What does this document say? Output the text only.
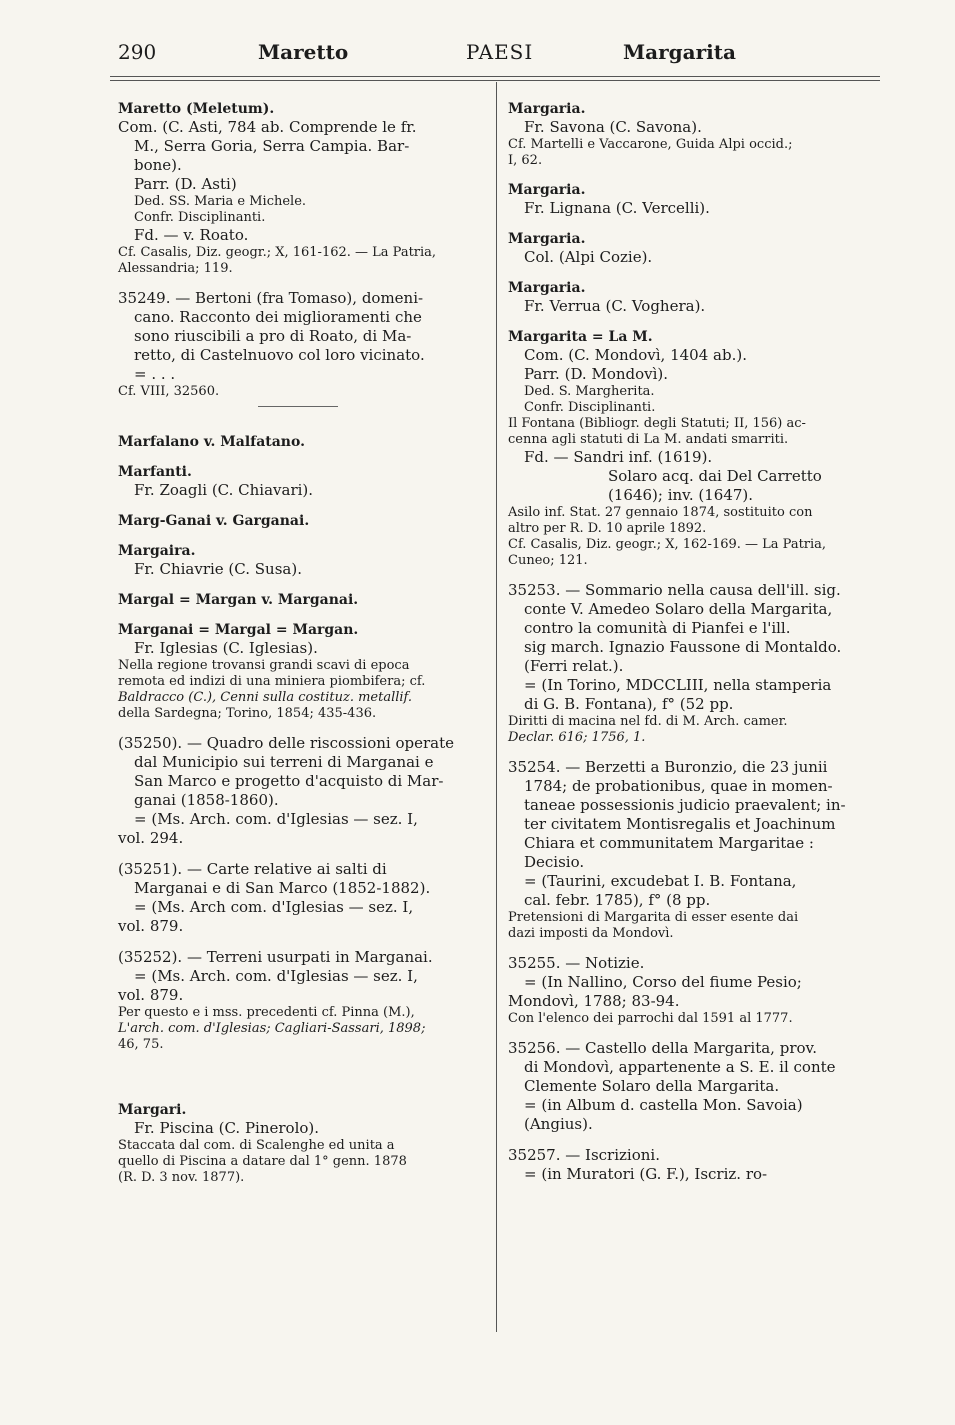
290	Maretto	PAESI	Margarita
Maretto (Meletum).
Com. (C. Asti, 784 ab. Comprende le fr.
M., Serra Goria, Serra Campia. Bar-
bone).
Parr. (D. Asti)
Ded. SS. Maria e Michele.
Confr. Disciplinanti.
Fd. — v. Roato.
Cf. Casalis, Diz. geogr.; X, 161-162. — La Patria,
Alessandria; 119.
35249. — Bertoni (fra Tomaso), domeni-
cano. Racconto dei miglioramenti che
sono riuscibili a pro di Roato, di Ma-
retto, di Castelnuovo col loro vicinato.
= . . .
Cf. VIII, 32560.
Marfalano v. Malfatano.
Marfanti.
Fr. Zoagli (C. Chiavari).
Marg-Ganai v. Garganai.
Margaira.
Fr. Chiavrie (C. Susa).
Margal = Margan v. Marganai.
Marganai = Margal = Margan.
Fr. Iglesias (C. Iglesias).
Nella regione trovansi grandi scavi di epoca
remota ed indizi di una miniera piombifera; cf.
Baldracco (C.), Cenni sulla costituz. metallif.
della Sardegna; Torino, 1854; 435-436.
(35250). — Quadro delle riscossioni operate
dal Municipio sui terreni di Marganai e
San Marco e progetto d'acquisto di Mar-
ganai (1858-1860).
= (Ms. Arch. com. d'Iglesias — sez. I,
vol. 294.
(35251). — Carte relative ai salti di
Marganai e di San Marco (1852-1882).
= (Ms. Arch com. d'Iglesias — sez. I,
vol. 879.
(35252). — Terreni usurpati in Marganai.
= (Ms. Arch. com. d'Iglesias — sez. I,
vol. 879.
Per questo e i mss. precedenti cf. Pinna (M.),
L'arch. com. d'Iglesias; Cagliari-Sassari, 1898;
46, 75.
Margari.
Fr. Piscina (C. Pinerolo).
Staccata dal com. di Scalenghe ed unita a
quello di Piscina a datare dal 1° genn. 1878
(R. D. 3 nov. 1877).
Margaria.
Fr. Savona (C. Savona).
Cf. Martelli e Vaccarone, Guida Alpi occid.;
I, 62.
Margaria.
Fr. Lignana (C. Vercelli).
Margaria.
Col. (Alpi Cozie).
Margaria.
Fr. Verrua (C. Voghera).
Margarita = La M.
Com. (C. Mondovì, 1404 ab.).
Parr. (D. Mondovì).
Ded. S. Margherita.
Confr. Disciplinanti.
Il Fontana (Bibliogr. degli Statuti; II, 156) ac-
cenna agli statuti di La M. andati smarriti.
Fd. — Sandri inf. (1619).
Solaro acq. dai Del Carretto
(1646); inv. (1647).
Asilo inf. Stat. 27 gennaio 1874, sostituito con
altro per R. D. 10 aprile 1892.
Cf. Casalis, Diz. geogr.; X, 162-169. — La Patria,
Cuneo; 121.
35253. — Sommario nella causa dell'ill. sig.
conte V. Amedeo Solaro della Margarita,
contro la comunità di Pianfei e l'ill.
sig march. Ignazio Faussone di Montaldo.
(Ferri relat.).
= (In Torino, MDCCLIII, nella stamperia
di G. B. Fontana), f° (52 pp.
Diritti di macina nel fd. di M. Arch. camer.
Declar. 616; 1756, 1.
35254. — Berzetti a Buronzio, die 23 junii
1784; de probationibus, quae in momen-
taneae possessionis judicio praevalent; in-
ter civitatem Montisregalis et Joachinum
Chiara et communitatem Margaritae :
Decisio.
= (Taurini, excudebat I. B. Fontana,
cal. febr. 1785), f° (8 pp.
Pretensioni di Margarita di esser esente dai
dazi imposti da Mondovì.
35255. — Notizie.
= (In Nallino, Corso del fiume Pesio;
Mondovì, 1788; 83-94.
Con l'elenco dei parrochi dal 1591 al 1777.
35256. — Castello della Margarita, prov.
di Mondovì, appartenente a S. E. il conte
Clemente Solaro della Margarita.
= (in Album d. castella Mon. Savoia)
(Angius).
35257. — Iscrizioni.
= (in Muratori (G. F.), Iscriz. ro-
